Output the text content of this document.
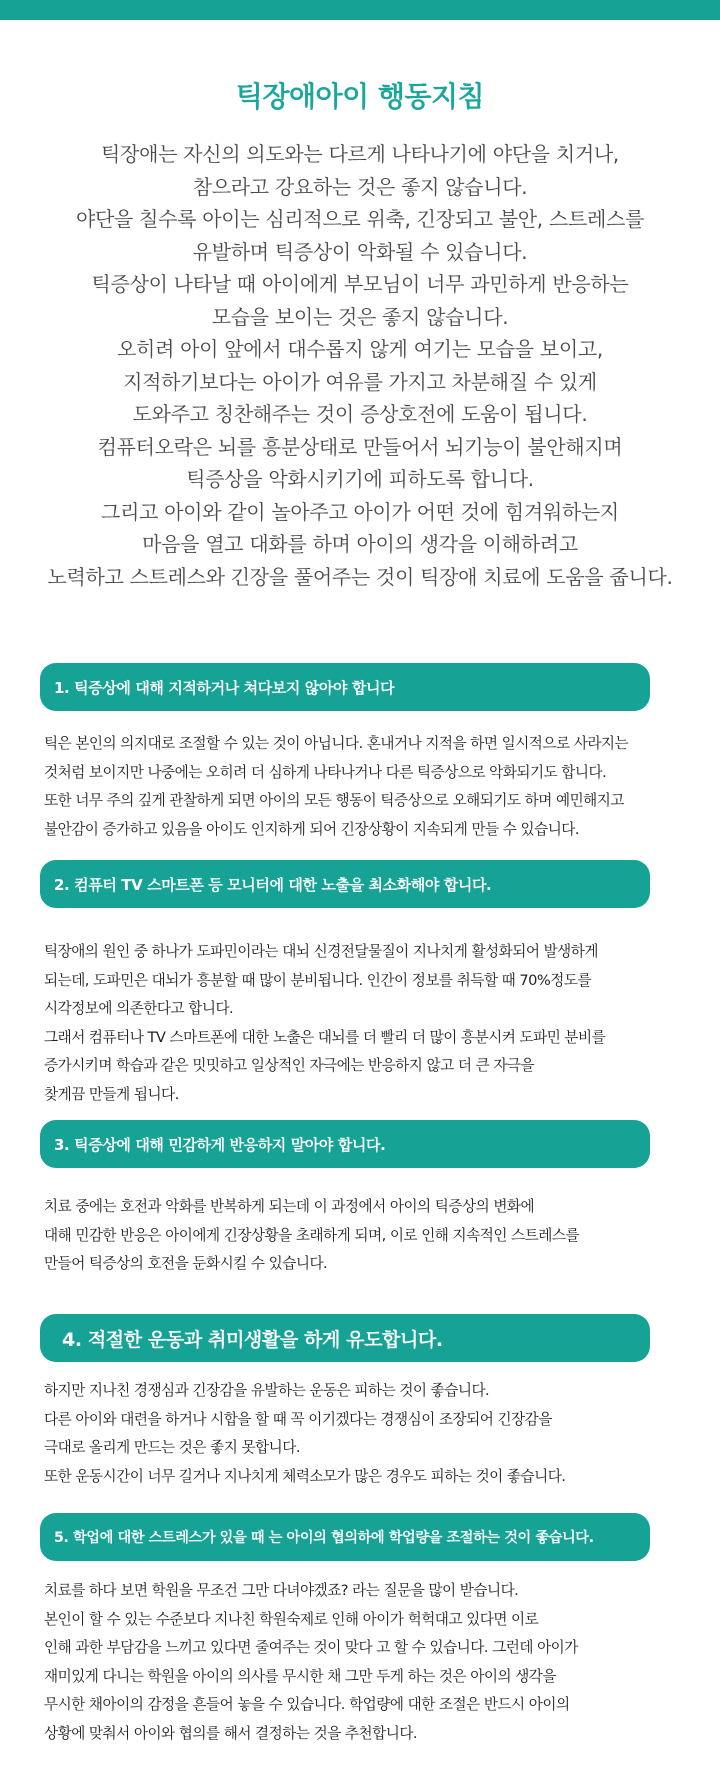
틱장애아이 행동지침
틱장애는 자신의 의도와는 다르게 나타나기에 야단을 치거나,
참으라고 강요하는 것은 좋지 않습니다.
야단을 칠수록 아이는 심리적으로 위축, 긴장되고 불안, 스트레스를
유발하며 틱증상이 악화될 수 있습니다.
틱증상이 나타날 때 아이에게 부모님이 너무 과민하게 반응하는
모습을 보이는 것은 좋지 않습니다.
오히려 아이 앞에서 대수롭지 않게 여기는 모습을 보이고,
지적하기보다는 아이가 여유를 가지고 차분해질 수 있게
도와주고 칭찬해주는 것이 증상호전에 도움이 됩니다.
컴퓨터오락은 뇌를 흥분상태로 만들어서 뇌기능이 불안해지며
틱증상을 악화시키기에 피하도록 합니다.
그리고 아이와 같이 놀아주고 아이가 어떤 것에 힘겨워하는지
마음을 열고 대화를 하며 아이의 생각을 이해하려고
노력하고 스트레스와 긴장을 풀어주는 것이 틱장애 치료에 도움을 줍니다.
1. 틱증상에 대해 지적하거나 쳐다보지 않아야 합니다
틱은 본인의 의지대로 조절할 수 있는 것이 아닙니다. 혼내거나 지적을 하면 일시적으로 사라지는
것처럼 보이지만 나중에는 오히려 더 심하게 나타나거나 다른 틱증상으로 악화되기도 합니다.
또한 너무 주의 깊게 관찰하게 되면 아이의 모든 행동이 틱증상으로 오해되기도 하며 예민해지고
불안감이 증가하고 있음을 아이도 인지하게 되어 긴장상황이 지속되게 만들 수 있습니다.
2. 컴퓨터 TV 스마트폰 등 모니터에 대한 노출을 최소화해야 합니다.
틱장애의 원인 중 하나가 도파민이라는 대뇌 신경전달물질이 지나치게 활성화되어 발생하게
되는데, 도파민은 대뇌가 흥분할 때 많이 분비됩니다. 인간이 정보를 취득할 때 70%정도를
시각정보에 의존한다고 합니다.
그래서 컴퓨터나 TV 스마트폰에 대한 노출은 대뇌를 더 빨리 더 많이 흥분시켜 도파민 분비를
증가시키며 학습과 같은 밋밋하고 일상적인 자극에는 반응하지 않고 더 큰 자극을
찾게끔 만들게 됩니다.
3. 틱증상에 대해 민감하게 반응하지 말아야 합니다.
치료 중에는 호전과 악화를 반복하게 되는데 이 과정에서 아이의 틱증상의 변화에
대해 민감한 반응은 아이에게 긴장상황을 초래하게 되며, 이로 인해 지속적인 스트레스를
만들어 틱증상의 호전을 둔화시킬 수 있습니다.
4. 적절한 운동과 취미생활을 하게 유도합니다.
하지만 지나친 경쟁심과 긴장감을 유발하는 운동은 피하는 것이 좋습니다.
다른 아이와 대련을 하거나 시합을 할 때 꼭 이기겠다는 경쟁심이 조장되어 긴장감을
극대로 올리게 만드는 것은 좋지 못합니다.
또한 운동시간이 너무 길거나 지나치게 체력소모가 많은 경우도 피하는 것이 좋습니다.
5. 학업에 대한 스트레스가 있을 때 는 아이의 협의하에 학업량을 조절하는 것이 좋습니다.
치료를 하다 보면 학원을 무조건 그만 다녀야겠죠? 라는 질문을 많이 받습니다.
본인이 할 수 있는 수준보다 지나친 학원숙제로 인해 아이가 헉헉대고 있다면 이로
인해 과한 부담감을 느끼고 있다면 줄여주는 것이 맞다 고 할 수 있습니다. 그런데 아이가
재미있게 다니는 학원을 아이의 의사를 무시한 채 그만 두게 하는 것은 아이의 생각을
무시한 채아이의 감정을 흔들어 놓을 수 있습니다. 학업량에 대한 조절은 반드시 아이의
상황에 맞춰서 아이와 협의를 해서 결정하는 것을 추천합니다.
